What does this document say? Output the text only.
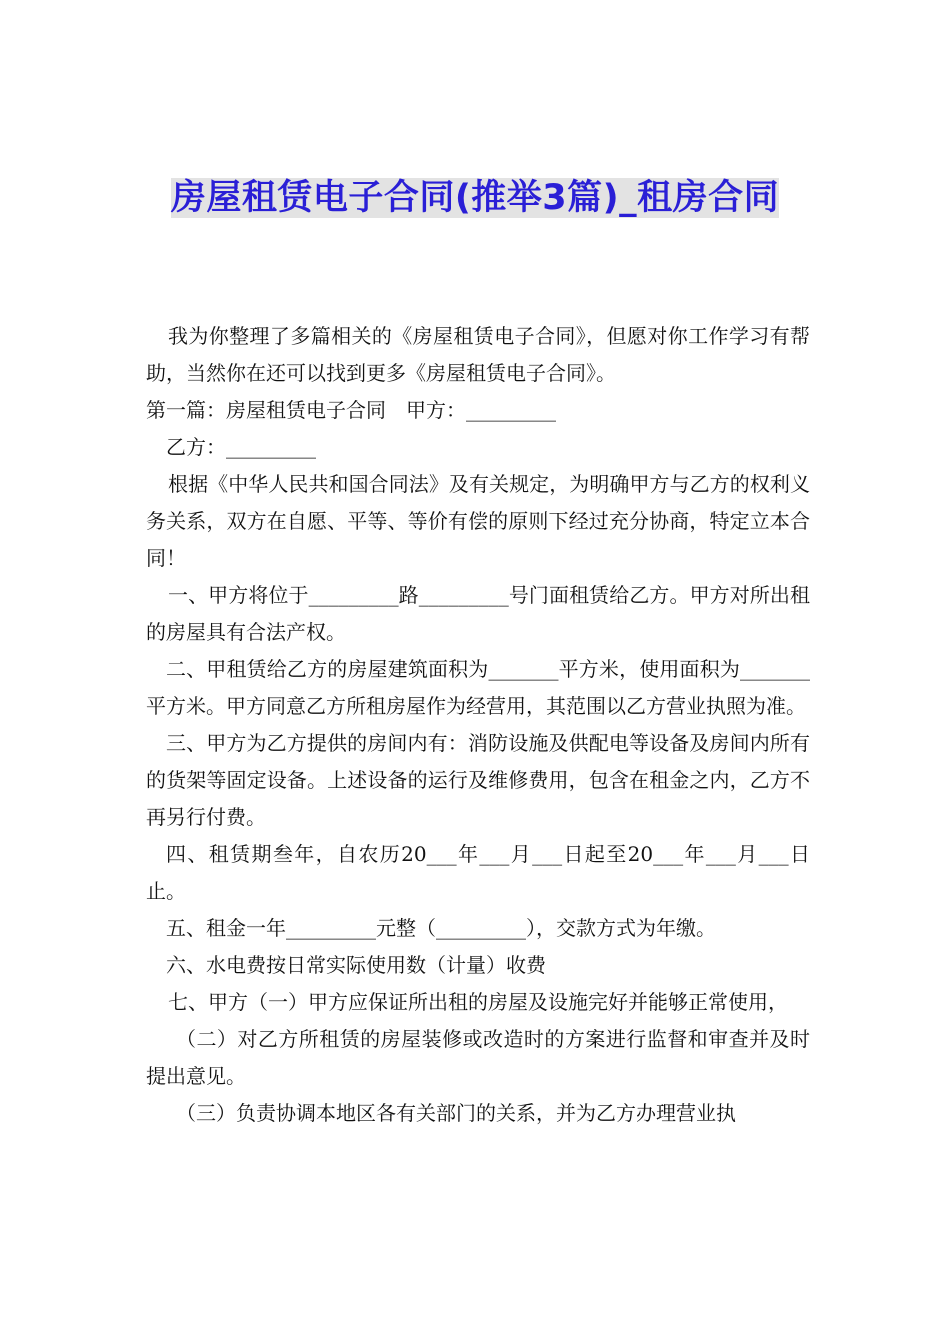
房屋租赁电子合同(推举3篇)_租房合同

我为你整理了多篇相关的《房屋租赁电子合同》，但愿对你工作学习有帮助，当然你在还可以找到更多《房屋租赁电子合同》。

第一篇：房屋租赁电子合同　甲方：_________

乙方：_________

根据《中华人民共和国合同法》及有关规定，为明确甲方与乙方的权利义务关系，双方在自愿、平等、等价有偿的原则下经过充分协商，特定立本合同！

一、甲方将位于_________路_________号门面租赁给乙方。甲方对所出租的房屋具有合法产权。

二、甲租赁给乙方的房屋建筑面积为_______平方米，使用面积为_______平方米。甲方同意乙方所租房屋作为经营用，其范围以乙方营业执照为准。

三、甲方为乙方提供的房间内有：消防设施及供配电等设备及房间内所有的货架等固定设备。上述设备的运行及维修费用，包含在租金之内，乙方不再另行付费。

四、租赁期叁年，自农历20___年___月___日起至20___年___月___日止。

五、租金一年_________元整（_________），交款方式为年缴。

六、水电费按日常实际使用数（计量）收费

七、甲方（一）甲方应保证所出租的房屋及设施完好并能够正常使用，

（二）对乙方所租赁的房屋装修或改造时的方案进行监督和审查并及时提出意见。

（三）负责协调本地区各有关部门的关系，并为乙方办理营业执
